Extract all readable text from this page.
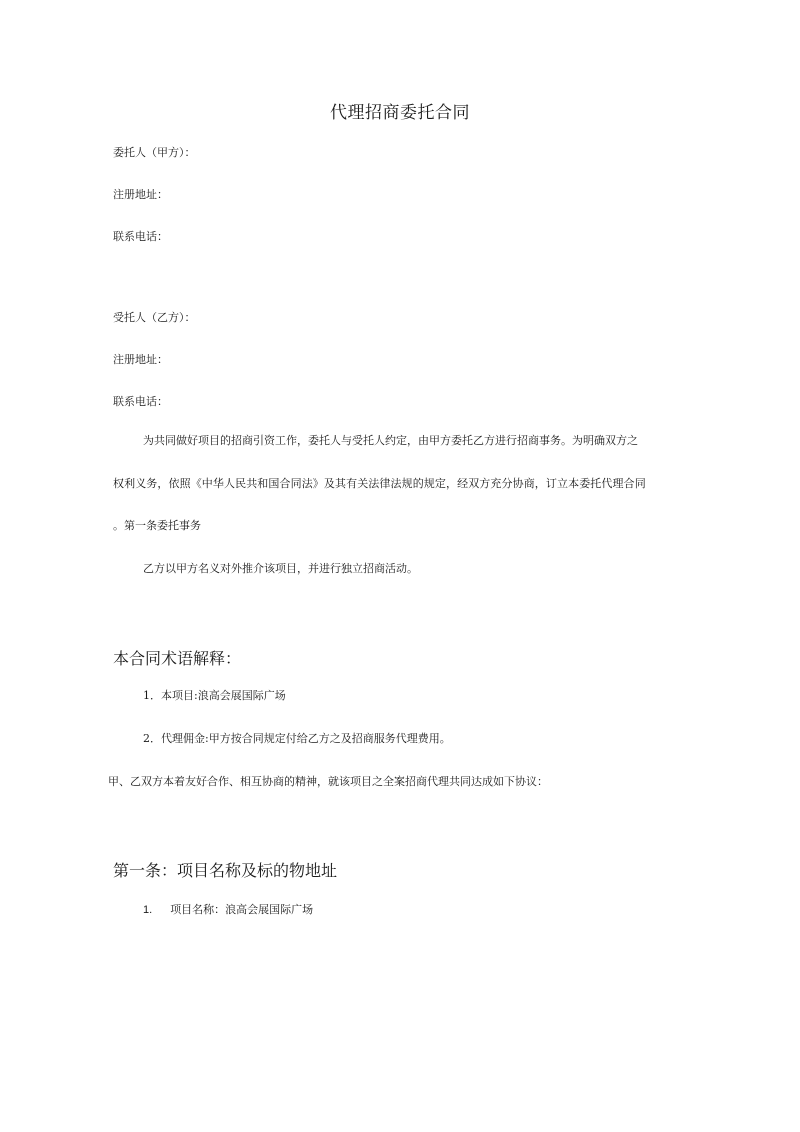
代理招商委托合同
委托人（甲方）：
注册地址：
联系电话：
受托人（乙方）：
注册地址：
联系电话：
为共同做好项目的招商引资工作，委托人与受托人约定，由甲方委托乙方进行招商事务。为明确双方之
权利义务，依照《中华人民共和国合同法》及其有关法律法规的规定，经双方充分协商，订立本委托代理合同
。第一条委托事务
乙方以甲方名义对外推介该项目，并进行独立招商活动。
本合同术语解释：
1．本项目:浪高会展国际广场
2．代理佣金:甲方按合同规定付给乙方之及招商服务代理费用。
甲、乙双方本着友好合作、相互协商的精神，就该项目之全案招商代理共同达成如下协议：
第一条：项目名称及标的物地址
1. 项目名称：浪高会展国际广场
